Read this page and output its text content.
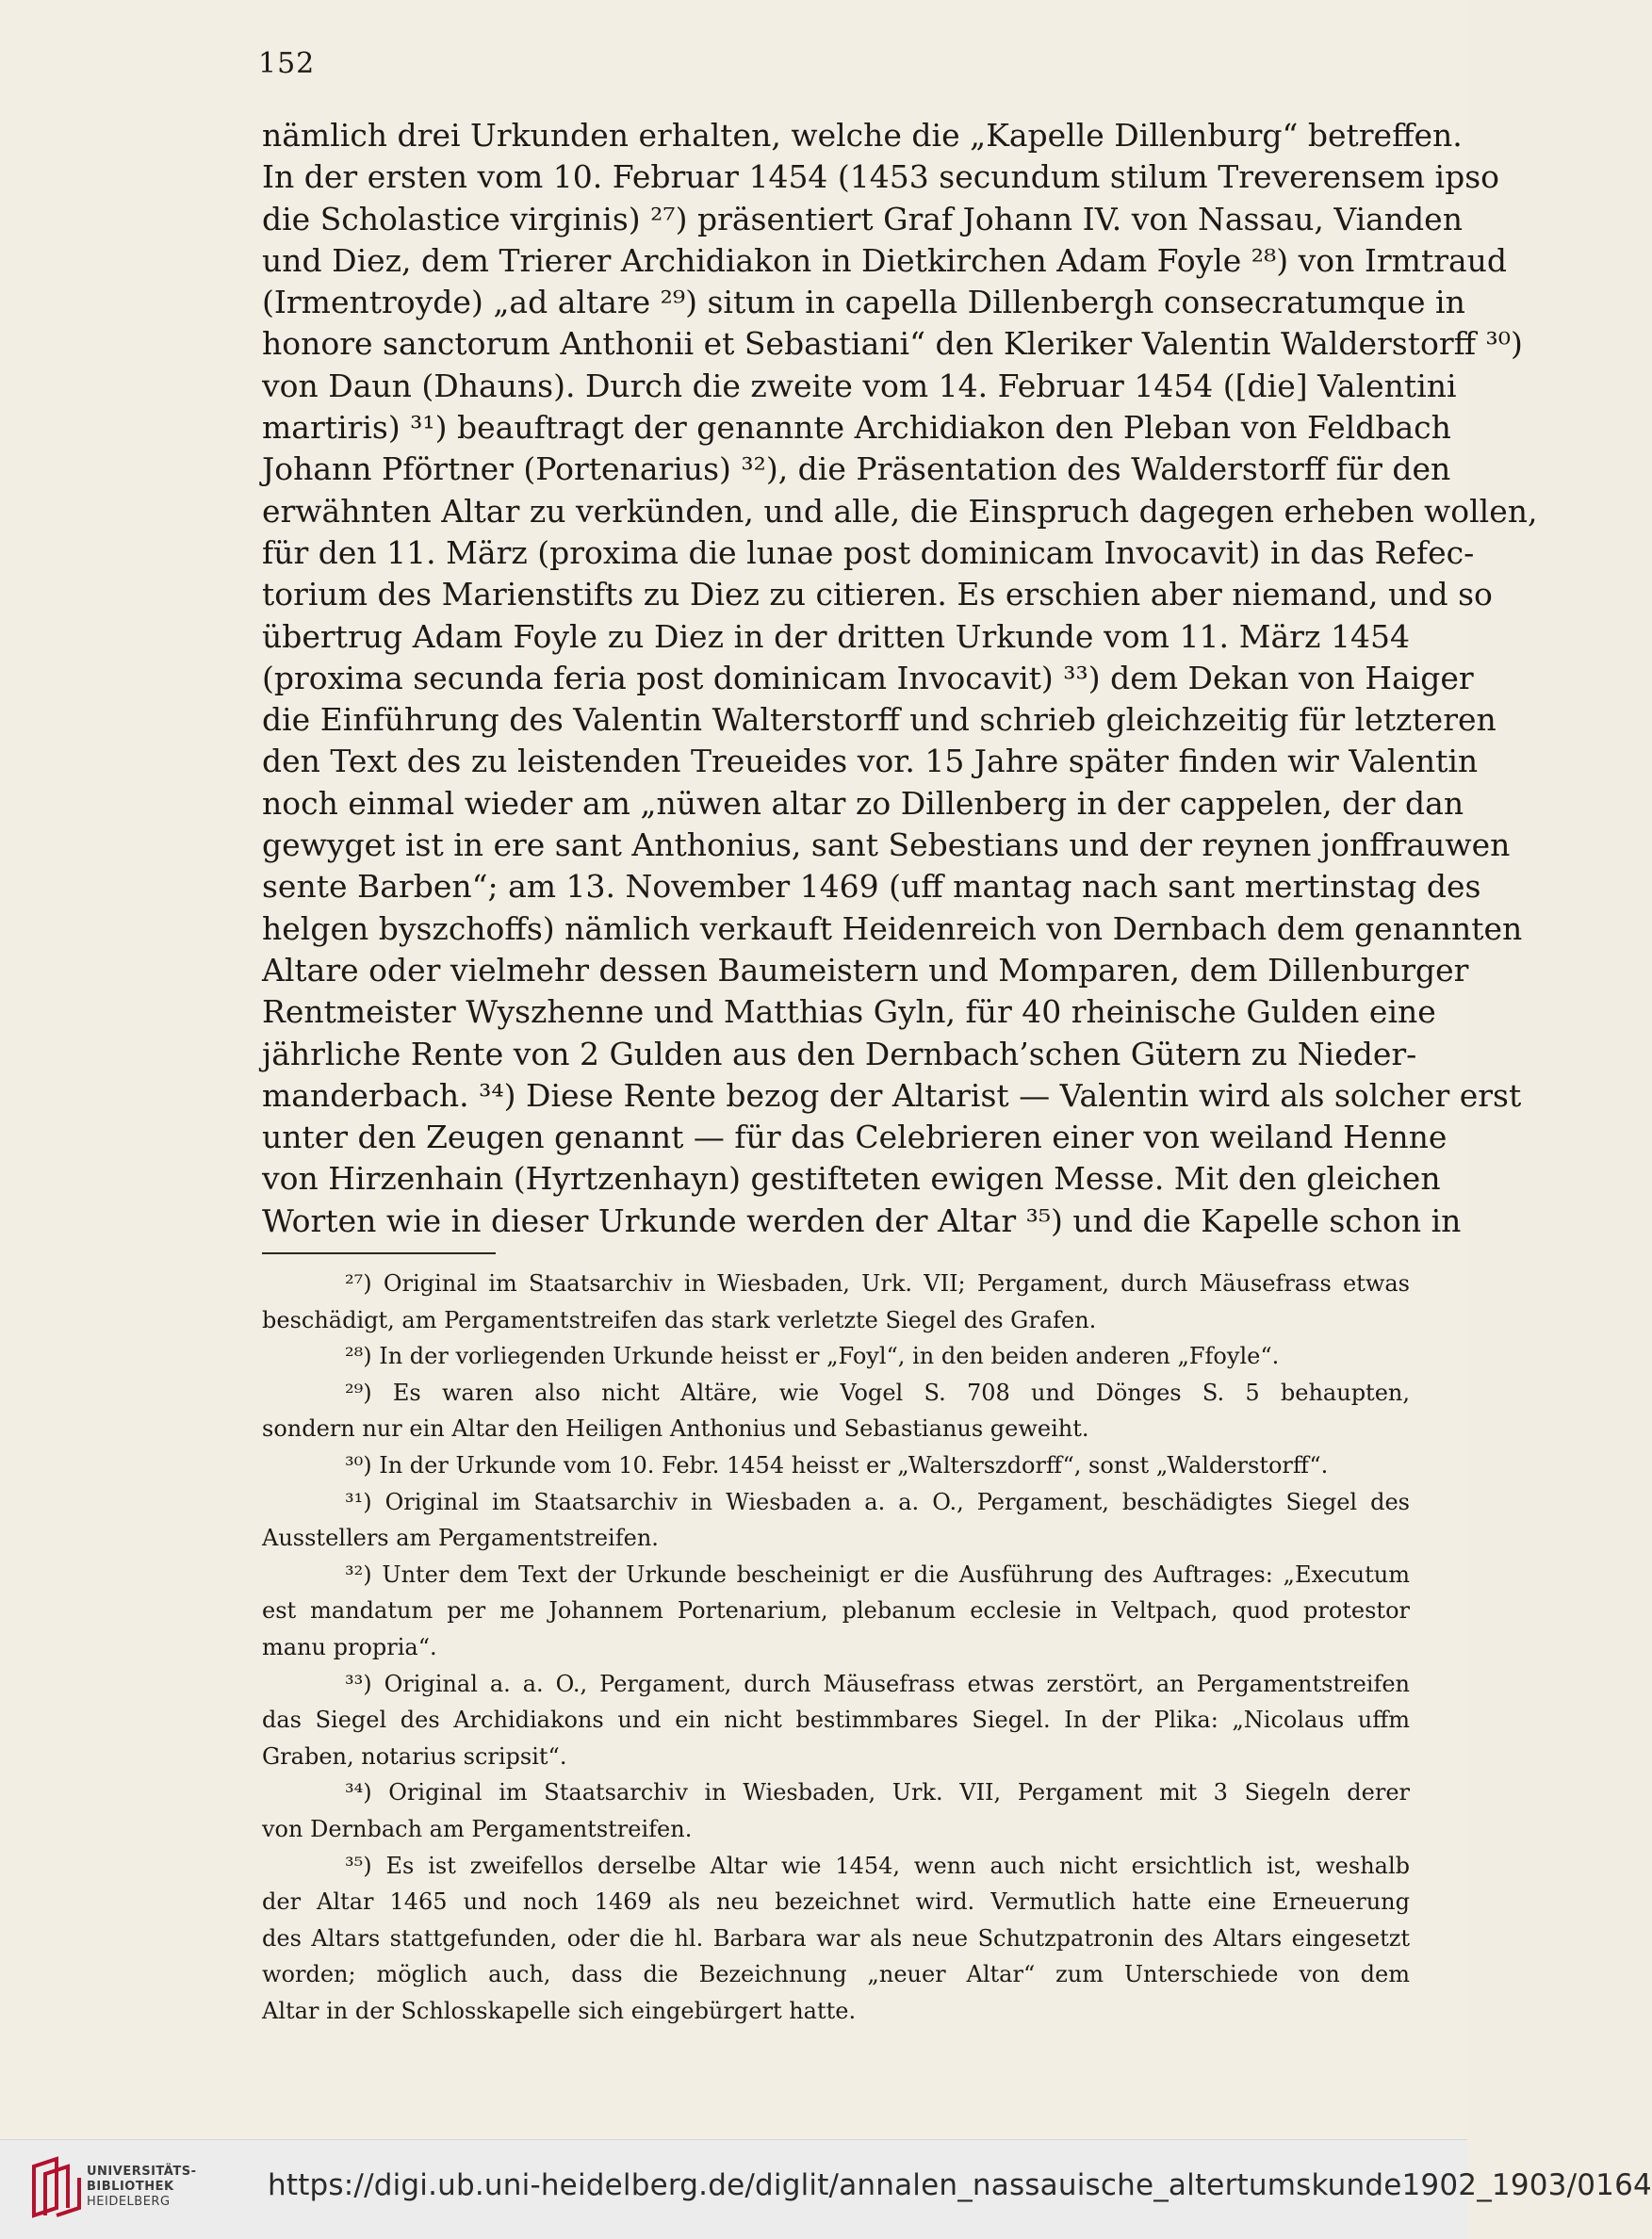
152
nämlich drei Urkunden erhalten, welche die „Kapelle Dillenburg“ betreffen.
In der ersten vom 10. Februar 1454 (1453 secundum stilum Treverensem ipso
die Scholastice virginis) ²⁷) präsentiert Graf Johann IV. von Nassau, Vianden
und Diez, dem Trierer Archidiakon in Dietkirchen Adam Foyle ²⁸) von Irmtraud
(Irmentroyde) „ad altare ²⁹) situm in capella Dillenbergh consecratumque in
honore sanctorum Anthonii et Sebastiani“ den Kleriker Valentin Walderstorff ³⁰)
von Daun (Dhauns). Durch die zweite vom 14. Februar 1454 ([die] Valentini
martiris) ³¹) beauftragt der genannte Archidiakon den Pleban von Feldbach
Johann Pförtner (Portenarius) ³²), die Präsentation des Walderstorff für den
erwähnten Altar zu verkünden, und alle, die Einspruch dagegen erheben wollen,
für den 11. März (proxima die lunae post dominicam Invocavit) in das Refec-
torium des Marienstifts zu Diez zu citieren. Es erschien aber niemand, und so
übertrug Adam Foyle zu Diez in der dritten Urkunde vom 11. März 1454
(proxima secunda feria post dominicam Invocavit) ³³) dem Dekan von Haiger
die Einführung des Valentin Walterstorff und schrieb gleichzeitig für letzteren
den Text des zu leistenden Treueides vor. 15 Jahre später finden wir Valentin
noch einmal wieder am „nüwen altar zo Dillenberg in der cappelen, der dan
gewyget ist in ere sant Anthonius, sant Sebestians und der reynen jonffrauwen
sente Barben“; am 13. November 1469 (uff mantag nach sant mertinstag des
helgen byszchoffs) nämlich verkauft Heidenreich von Dernbach dem genannten
Altare oder vielmehr dessen Baumeistern und Momparen, dem Dillenburger
Rentmeister Wyszhenne und Matthias Gyln, für 40 rheinische Gulden eine
jährliche Rente von 2 Gulden aus den Dernbach’schen Gütern zu Nieder-
manderbach. ³⁴) Diese Rente bezog der Altarist — Valentin wird als solcher erst
unter den Zeugen genannt — für das Celebrieren einer von weiland Henne
von Hirzenhain (Hyrtzenhayn) gestifteten ewigen Messe. Mit den gleichen
Worten wie in dieser Urkunde werden der Altar ³⁵) und die Kapelle schon in
²⁷) Original im Staatsarchiv in Wiesbaden, Urk. VII; Pergament, durch Mäusefrass etwas
beschädigt, am Pergamentstreifen das stark verletzte Siegel des Grafen.
²⁸) In der vorliegenden Urkunde heisst er „Foyl“, in den beiden anderen „Ffoyle“.
²⁹) Es waren also nicht Altäre, wie Vogel S. 708 und Dönges S. 5 behaupten,
sondern nur ein Altar den Heiligen Anthonius und Sebastianus geweiht.
³⁰) In der Urkunde vom 10. Febr. 1454 heisst er „Walterszdorff“, sonst „Walderstorff“.
³¹) Original im Staatsarchiv in Wiesbaden a. a. O., Pergament, beschädigtes Siegel des
Ausstellers am Pergamentstreifen.
³²) Unter dem Text der Urkunde bescheinigt er die Ausführung des Auftrages: „Executum
est mandatum per me Johannem Portenarium, plebanum ecclesie in Veltpach, quod protestor
manu propria“.
³³) Original a. a. O., Pergament, durch Mäusefrass etwas zerstört, an Pergamentstreifen
das Siegel des Archidiakons und ein nicht bestimmbares Siegel. In der Plika: „Nicolaus uffm
Graben, notarius scripsit“.
³⁴) Original im Staatsarchiv in Wiesbaden, Urk. VII, Pergament mit 3 Siegeln derer
von Dernbach am Pergamentstreifen.
³⁵) Es ist zweifellos derselbe Altar wie 1454, wenn auch nicht ersichtlich ist, weshalb
der Altar 1465 und noch 1469 als neu bezeichnet wird. Vermutlich hatte eine Erneuerung
des Altars stattgefunden, oder die hl. Barbara war als neue Schutzpatronin des Altars eingesetzt
worden; möglich auch, dass die Bezeichnung „neuer Altar“ zum Unterschiede von dem
Altar in der Schlosskapelle sich eingebürgert hatte.
UNIVERSITÄTS-
BIBLIOTHEK
HEIDELBERG	https://digi.ub.uni-heidelberg.de/diglit/annalen_nassauische_altertumskunde1902_1903/0164
